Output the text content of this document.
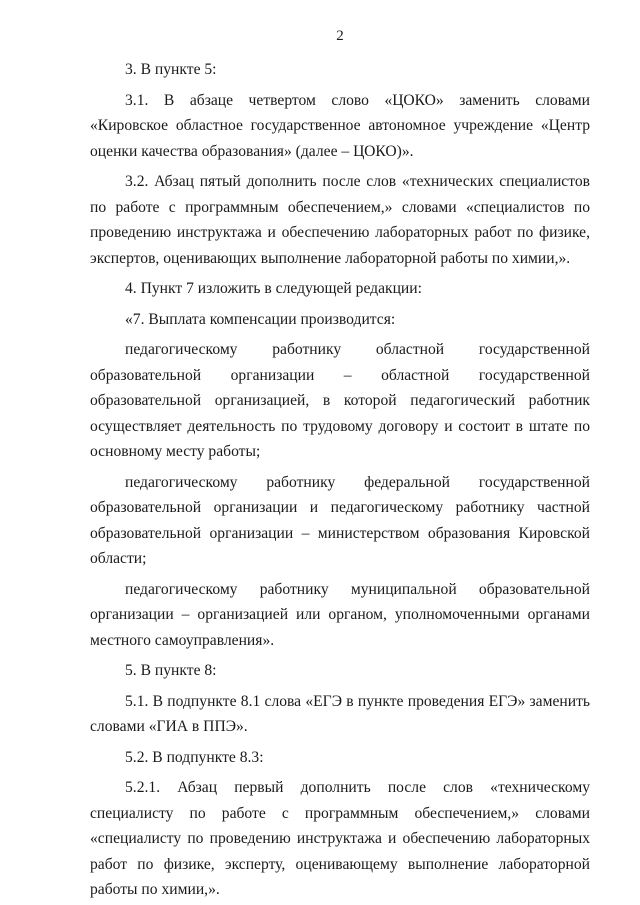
2

3. В пункте 5:

3.1. В абзаце четвертом слово «ЦОКО» заменить словами «Кировское областное государственное автономное учреждение «Центр оценки качества образования» (далее – ЦОКО)».

3.2. Абзац пятый дополнить после слов «технических специалистов по работе с программным обеспечением,» словами «специалистов по проведению инструктажа и обеспечению лабораторных работ по физике, экспертов, оценивающих выполнение лабораторной работы по химии,».

4. Пункт 7 изложить в следующей редакции:

«7. Выплата компенсации производится:

педагогическому работнику областной государственной образовательной организации – областной государственной образовательной организацией, в которой педагогический работник осуществляет деятельность по трудовому договору и состоит в штате по основному месту работы;

педагогическому работнику федеральной государственной образовательной организации и педагогическому работнику частной образовательной организации – министерством образования Кировской области;

педагогическому работнику муниципальной образовательной организации – организацией или органом, уполномоченными органами местного самоуправления».

5. В пункте 8:

5.1. В подпункте 8.1 слова «ЕГЭ в пункте проведения ЕГЭ» заменить словами «ГИА в ППЭ».

5.2. В подпункте 8.3:

5.2.1. Абзац первый дополнить после слов «техническому специалисту по работе с программным обеспечением,» словами «специалисту по проведению инструктажа и обеспечению лабораторных работ по физике, эксперту, оценивающему выполнение лабораторной работы по химии,».
